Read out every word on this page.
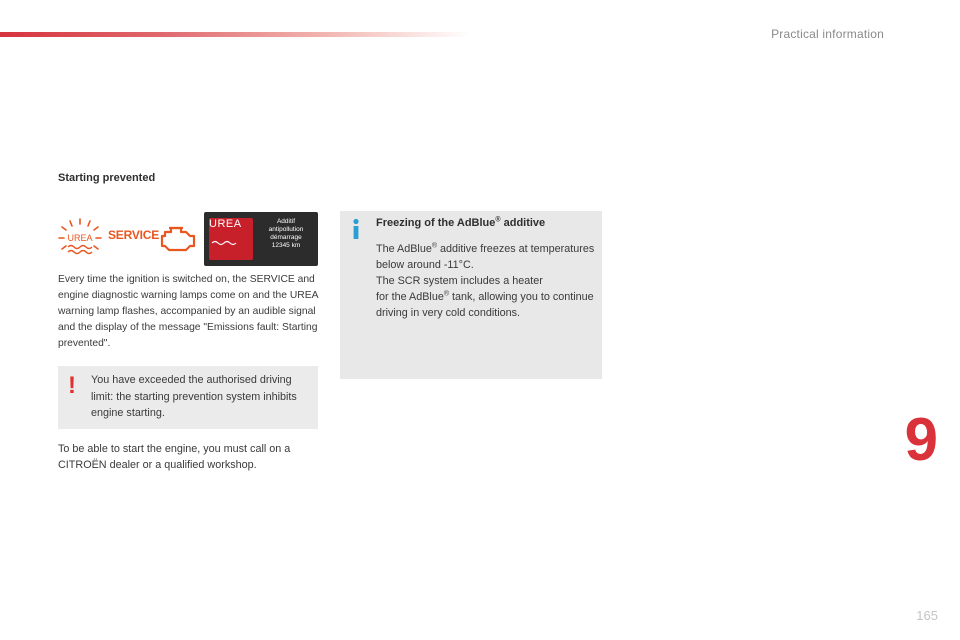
Practical information
Starting prevented
UREA SERVICE
UREA	Additif
antipollution
démarrage
12345 km
Every time the ignition is switched on, the SERVICE and engine diagnostic warning lamps come on and the UREA warning lamp flashes, accompanied by an audible signal and the display of the message "Emissions fault: Starting prevented".
! You have exceeded the authorised driving limit: the starting prevention system inhibits engine starting.
To be able to start the engine, you must call on a CITROËN dealer or a qualified workshop.
Freezing of the AdBlue® additive
The AdBlue® additive freezes at temperatures below around -11°C.
The SCR system includes a heater
for the AdBlue® tank, allowing you to continue driving in very cold conditions.
9
165
